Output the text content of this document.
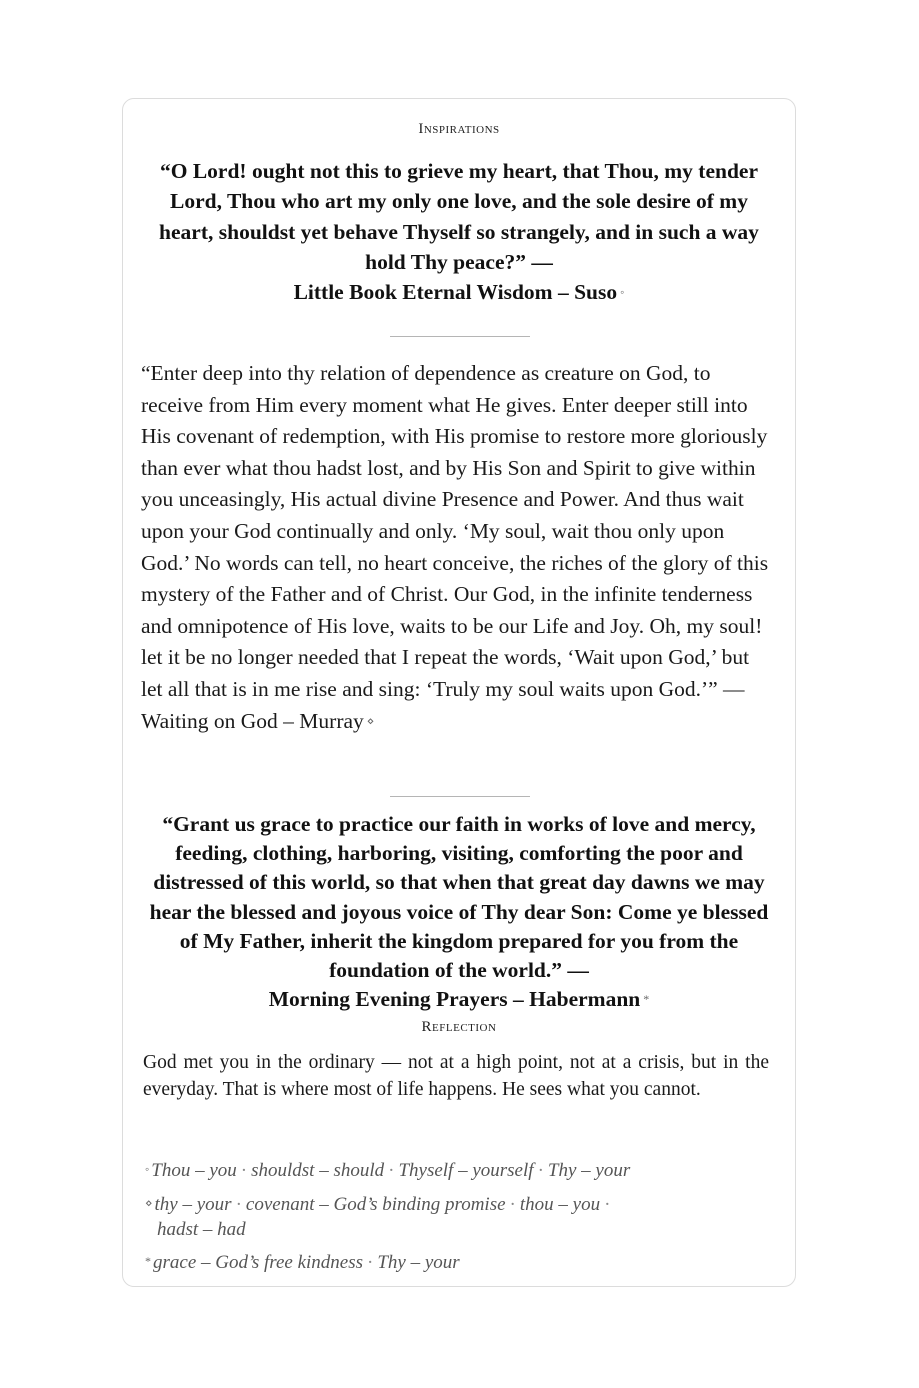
Inspirations
“O Lord! ought not this to grieve my heart, that Thou, my tender Lord, Thou who art my only one love, and the sole desire of my heart, shouldst yet behave Thyself so strangely, and in such a way hold Thy peace?” —
Little Book Eternal Wisdom – Suso ◦
“Enter deep into thy relation of dependence as creature on God, to receive from Him every moment what He gives. Enter deeper still into His covenant of redemption, with His promise to restore more gloriously than ever what thou hadst lost, and by His Son and Spirit to give within you unceasingly, His actual divine Presence and Power. And thus wait upon your God continually and only. ‘My soul, wait thou only upon God.’ No words can tell, no heart conceive, the riches of the glory of this mystery of the Father and of Christ. Our God, in the infinite tenderness and omnipotence of His love, waits to be our Life and Joy. Oh, my soul! let it be no longer needed that I repeat the words, ‘Wait upon God,’ but let all that is in me rise and sing: ‘Truly my soul waits upon God.’” — Waiting on God – Murray ⋄
“Grant us grace to practice our faith in works of love and mercy, feeding, clothing, harboring, visiting, comforting the poor and distressed of this world, so that when that great day dawns we may hear the blessed and joyous voice of Thy dear Son: Come ye blessed of My Father, inherit the kingdom prepared for you from the foundation of the world.” —
Morning Evening Prayers – Habermann *
Reflection
God met you in the ordinary — not at a high point, not at a crisis, but in the everyday. That is where most of life happens. He sees what you cannot.
◦ Thou – you · shouldst – should · Thyself – yourself · Thy – your
⋄ thy – your · covenant – God’s binding promise · thou – you ·
hadst – had
* grace – God’s free kindness · Thy – your
